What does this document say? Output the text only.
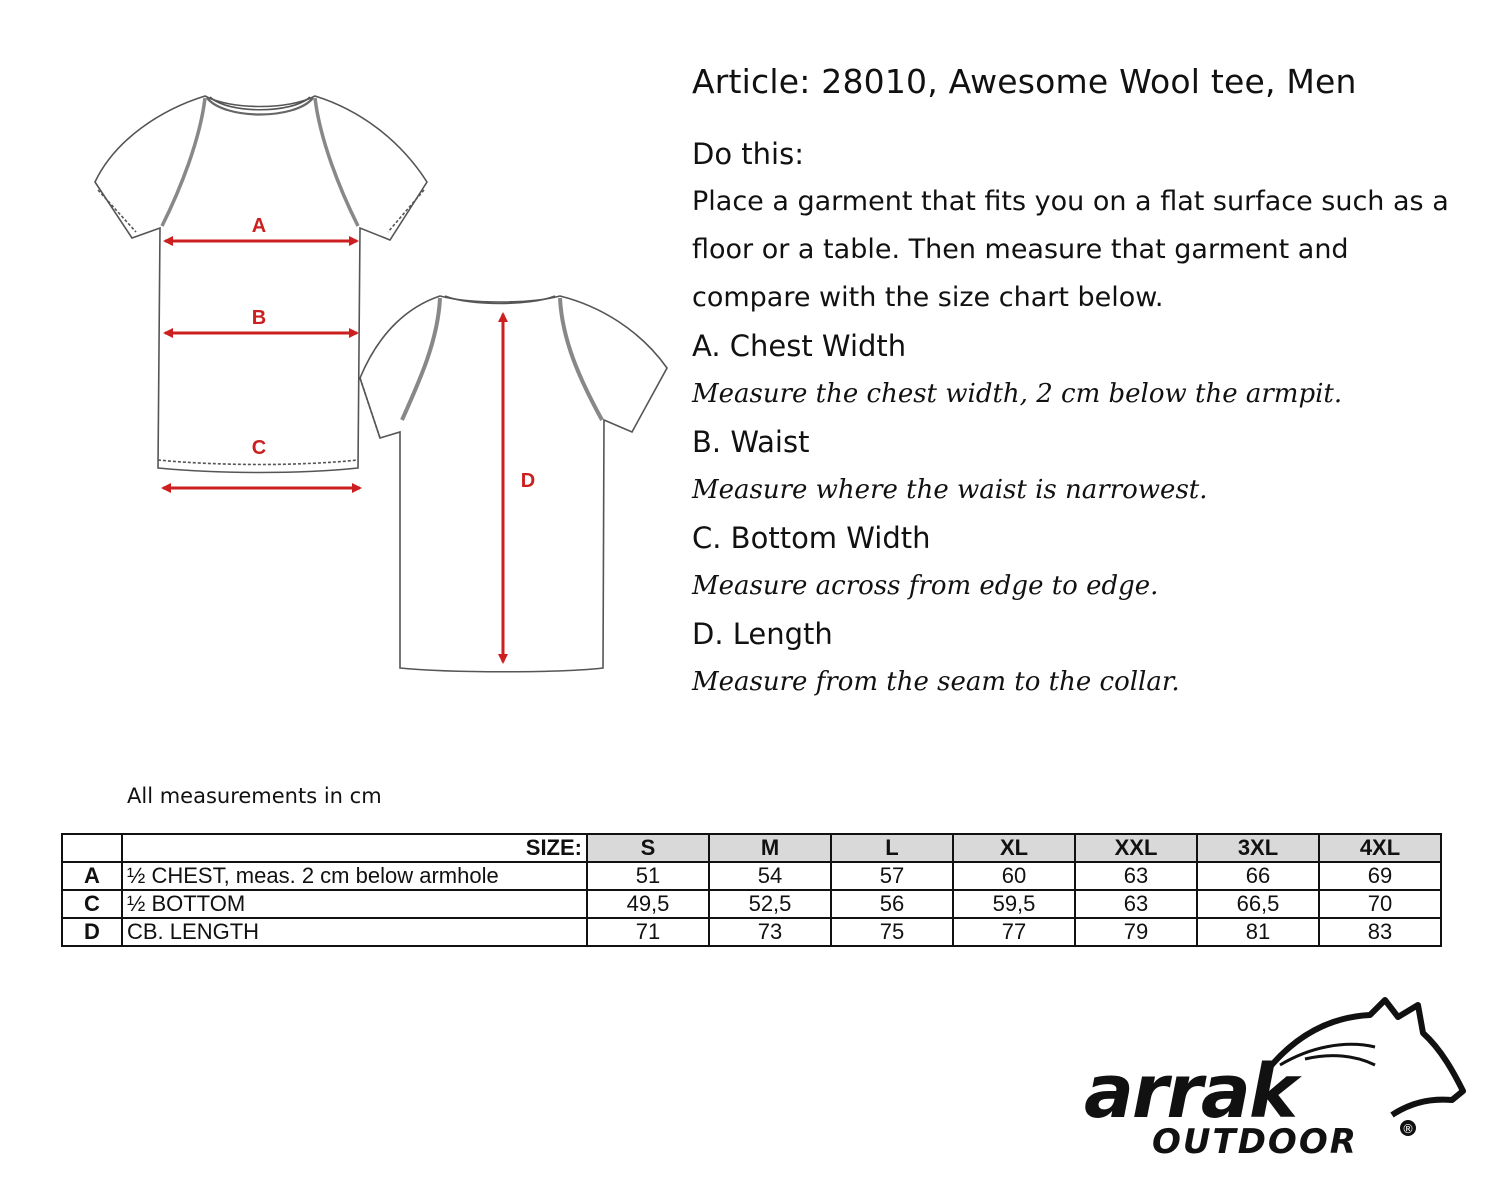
A
B
C
D

Article: 28010, Awesome Wool tee, Men

Do this:

Place a garment that fits you on a flat surface such as a

floor or a table. Then measure that garment and

compare with the size chart below.

A. Chest Width

Measure the chest width, 2 cm below the armpit.

B. Waist

Measure where the waist is narrowest.

C. Bottom Width

Measure across from edge to edge.

D. Length

Measure from the seam to the collar.

All measurements in cm
	SIZE:	S	M	L	XL	XXL	3XL	4XL
A	½ CHEST, meas. 2 cm below armhole	51	54	57	60	63	66	69
C	½ BOTTOM	49,5	52,5	56	59,5	63	66,5	70
D	CB. LENGTH	71	73	75	77	79	81	83
arrak
OUTDOOR	®
